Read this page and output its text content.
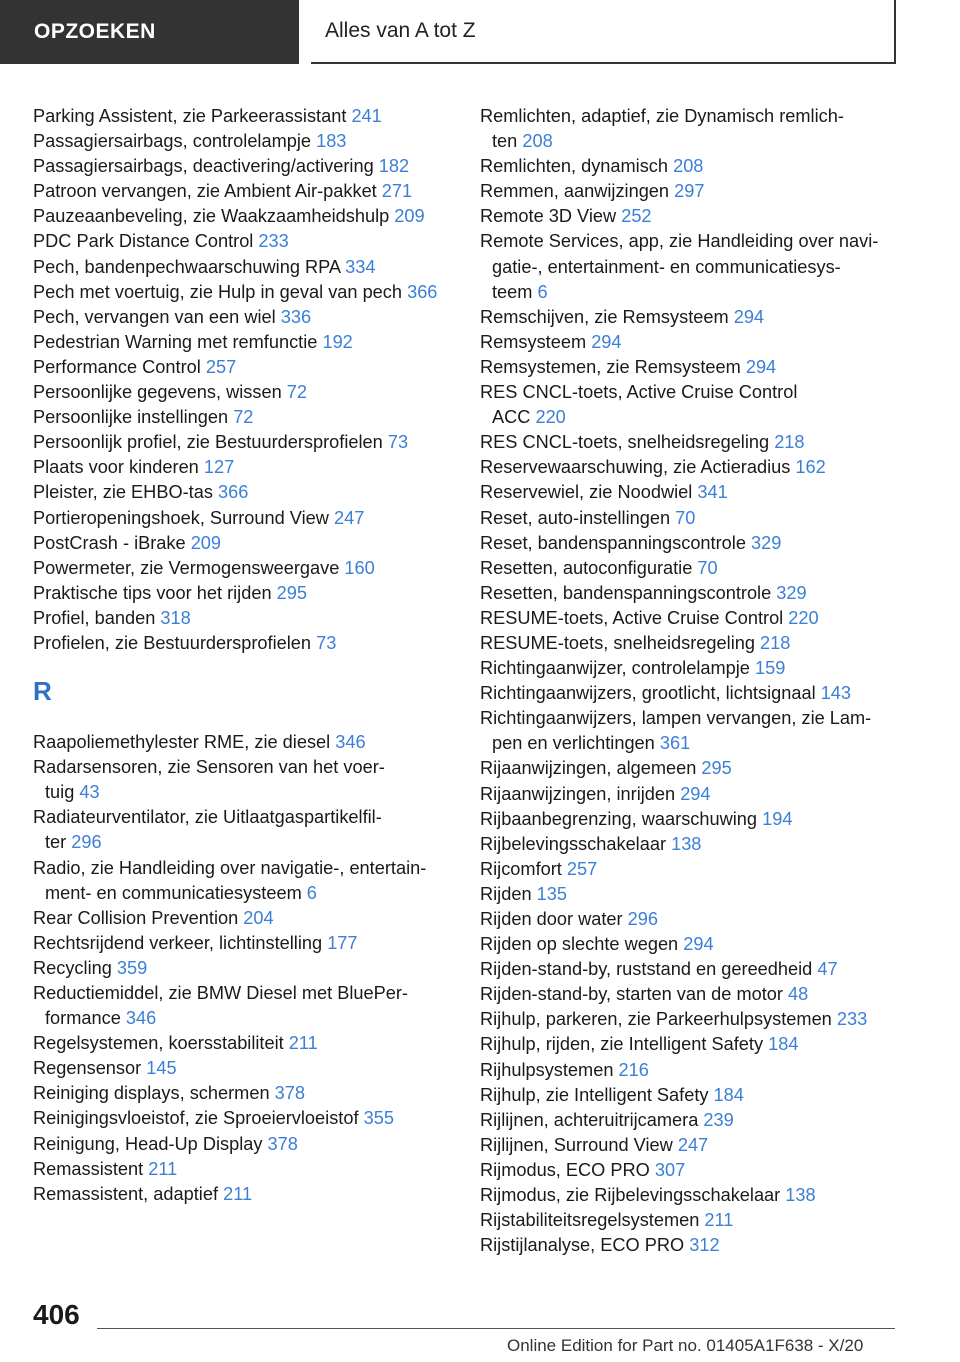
OPZOEKEN	Alles van A tot Z
Parking Assistent, zie Parkeerassistant 241
Passagiersairbags, controlelampje 183
Passagiersairbags, deactivering/activering 182
Patroon vervangen, zie Ambient Air-pakket 271
Pauzeaanbeveling, zie Waakzaamheidshulp 209
PDC Park Distance Control 233
Pech, bandenpechwaarschuwing RPA 334
Pech met voertuig, zie Hulp in geval van pech 366
Pech, vervangen van een wiel 336
Pedestrian Warning met remfunctie 192
Performance Control 257
Persoonlijke gegevens, wissen 72
Persoonlijke instellingen 72
Persoonlijk profiel, zie Bestuurdersprofielen 73
Plaats voor kinderen 127
Pleister, zie EHBO-tas 366
Portieropeningshoek, Surround View 247
PostCrash - iBrake 209
Powermeter, zie Vermogensweergave 160
Praktische tips voor het rijden 295
Profiel, banden 318
Profielen, zie Bestuurdersprofielen 73
R
Raapoliemethylester RME, zie diesel 346
Radarsensoren, zie Sensoren van het voer-
tuig 43
Radiateurventilator, zie Uitlaatgaspartikelfil-
ter 296
Radio, zie Handleiding over navigatie-, entertain-
ment- en communicatiesysteem 6
Rear Collision Prevention 204
Rechtsrijdend verkeer, lichtinstelling 177
Recycling 359
Reductiemiddel, zie BMW Diesel met BluePer-
formance 346
Regelsystemen, koersstabiliteit 211
Regensensor 145
Reiniging displays, schermen 378
Reinigingsvloeistof, zie Sproeiervloeistof 355
Reinigung, Head-Up Display 378
Remassistent 211
Remassistent, adaptief 211
Remlichten, adaptief, zie Dynamisch remlich-
ten 208
Remlichten, dynamisch 208
Remmen, aanwijzingen 297
Remote 3D View 252
Remote Services, app, zie Handleiding over navi-
gatie-, entertainment- en communicatiesys-
teem 6
Remschijven, zie Remsysteem 294
Remsysteem 294
Remsystemen, zie Remsysteem 294
RES CNCL-toets, Active Cruise Control
ACC 220
RES CNCL-toets, snelheidsregeling 218
Reservewaarschuwing, zie Actieradius 162
Reservewiel, zie Noodwiel 341
Reset, auto-instellingen 70
Reset, bandenspanningscontrole 329
Resetten, autoconfiguratie 70
Resetten, bandenspanningscontrole 329
RESUME-toets, Active Cruise Control 220
RESUME-toets, snelheidsregeling 218
Richtingaanwijzer, controlelampje 159
Richtingaanwijzers, grootlicht, lichtsignaal 143
Richtingaanwijzers, lampen vervangen, zie Lam-
pen en verlichtingen 361
Rijaanwijzingen, algemeen 295
Rijaanwijzingen, inrijden 294
Rijbaanbegrenzing, waarschuwing 194
Rijbelevingsschakelaar 138
Rijcomfort 257
Rijden 135
Rijden door water 296
Rijden op slechte wegen 294
Rijden-stand-by, ruststand en gereedheid 47
Rijden-stand-by, starten van de motor 48
Rijhulp, parkeren, zie Parkeerhulpsystemen 233
Rijhulp, rijden, zie Intelligent Safety 184
Rijhulpsystemen 216
Rijhulp, zie Intelligent Safety 184
Rijlijnen, achteruitrijcamera 239
Rijlijnen, Surround View 247
Rijmodus, ECO PRO 307
Rijmodus, zie Rijbelevingsschakelaar 138
Rijstabiliteitsregelsystemen 211
Rijstijlanalyse, ECO PRO 312
406
Online Edition for Part no. 01405A1F638 - X/20
